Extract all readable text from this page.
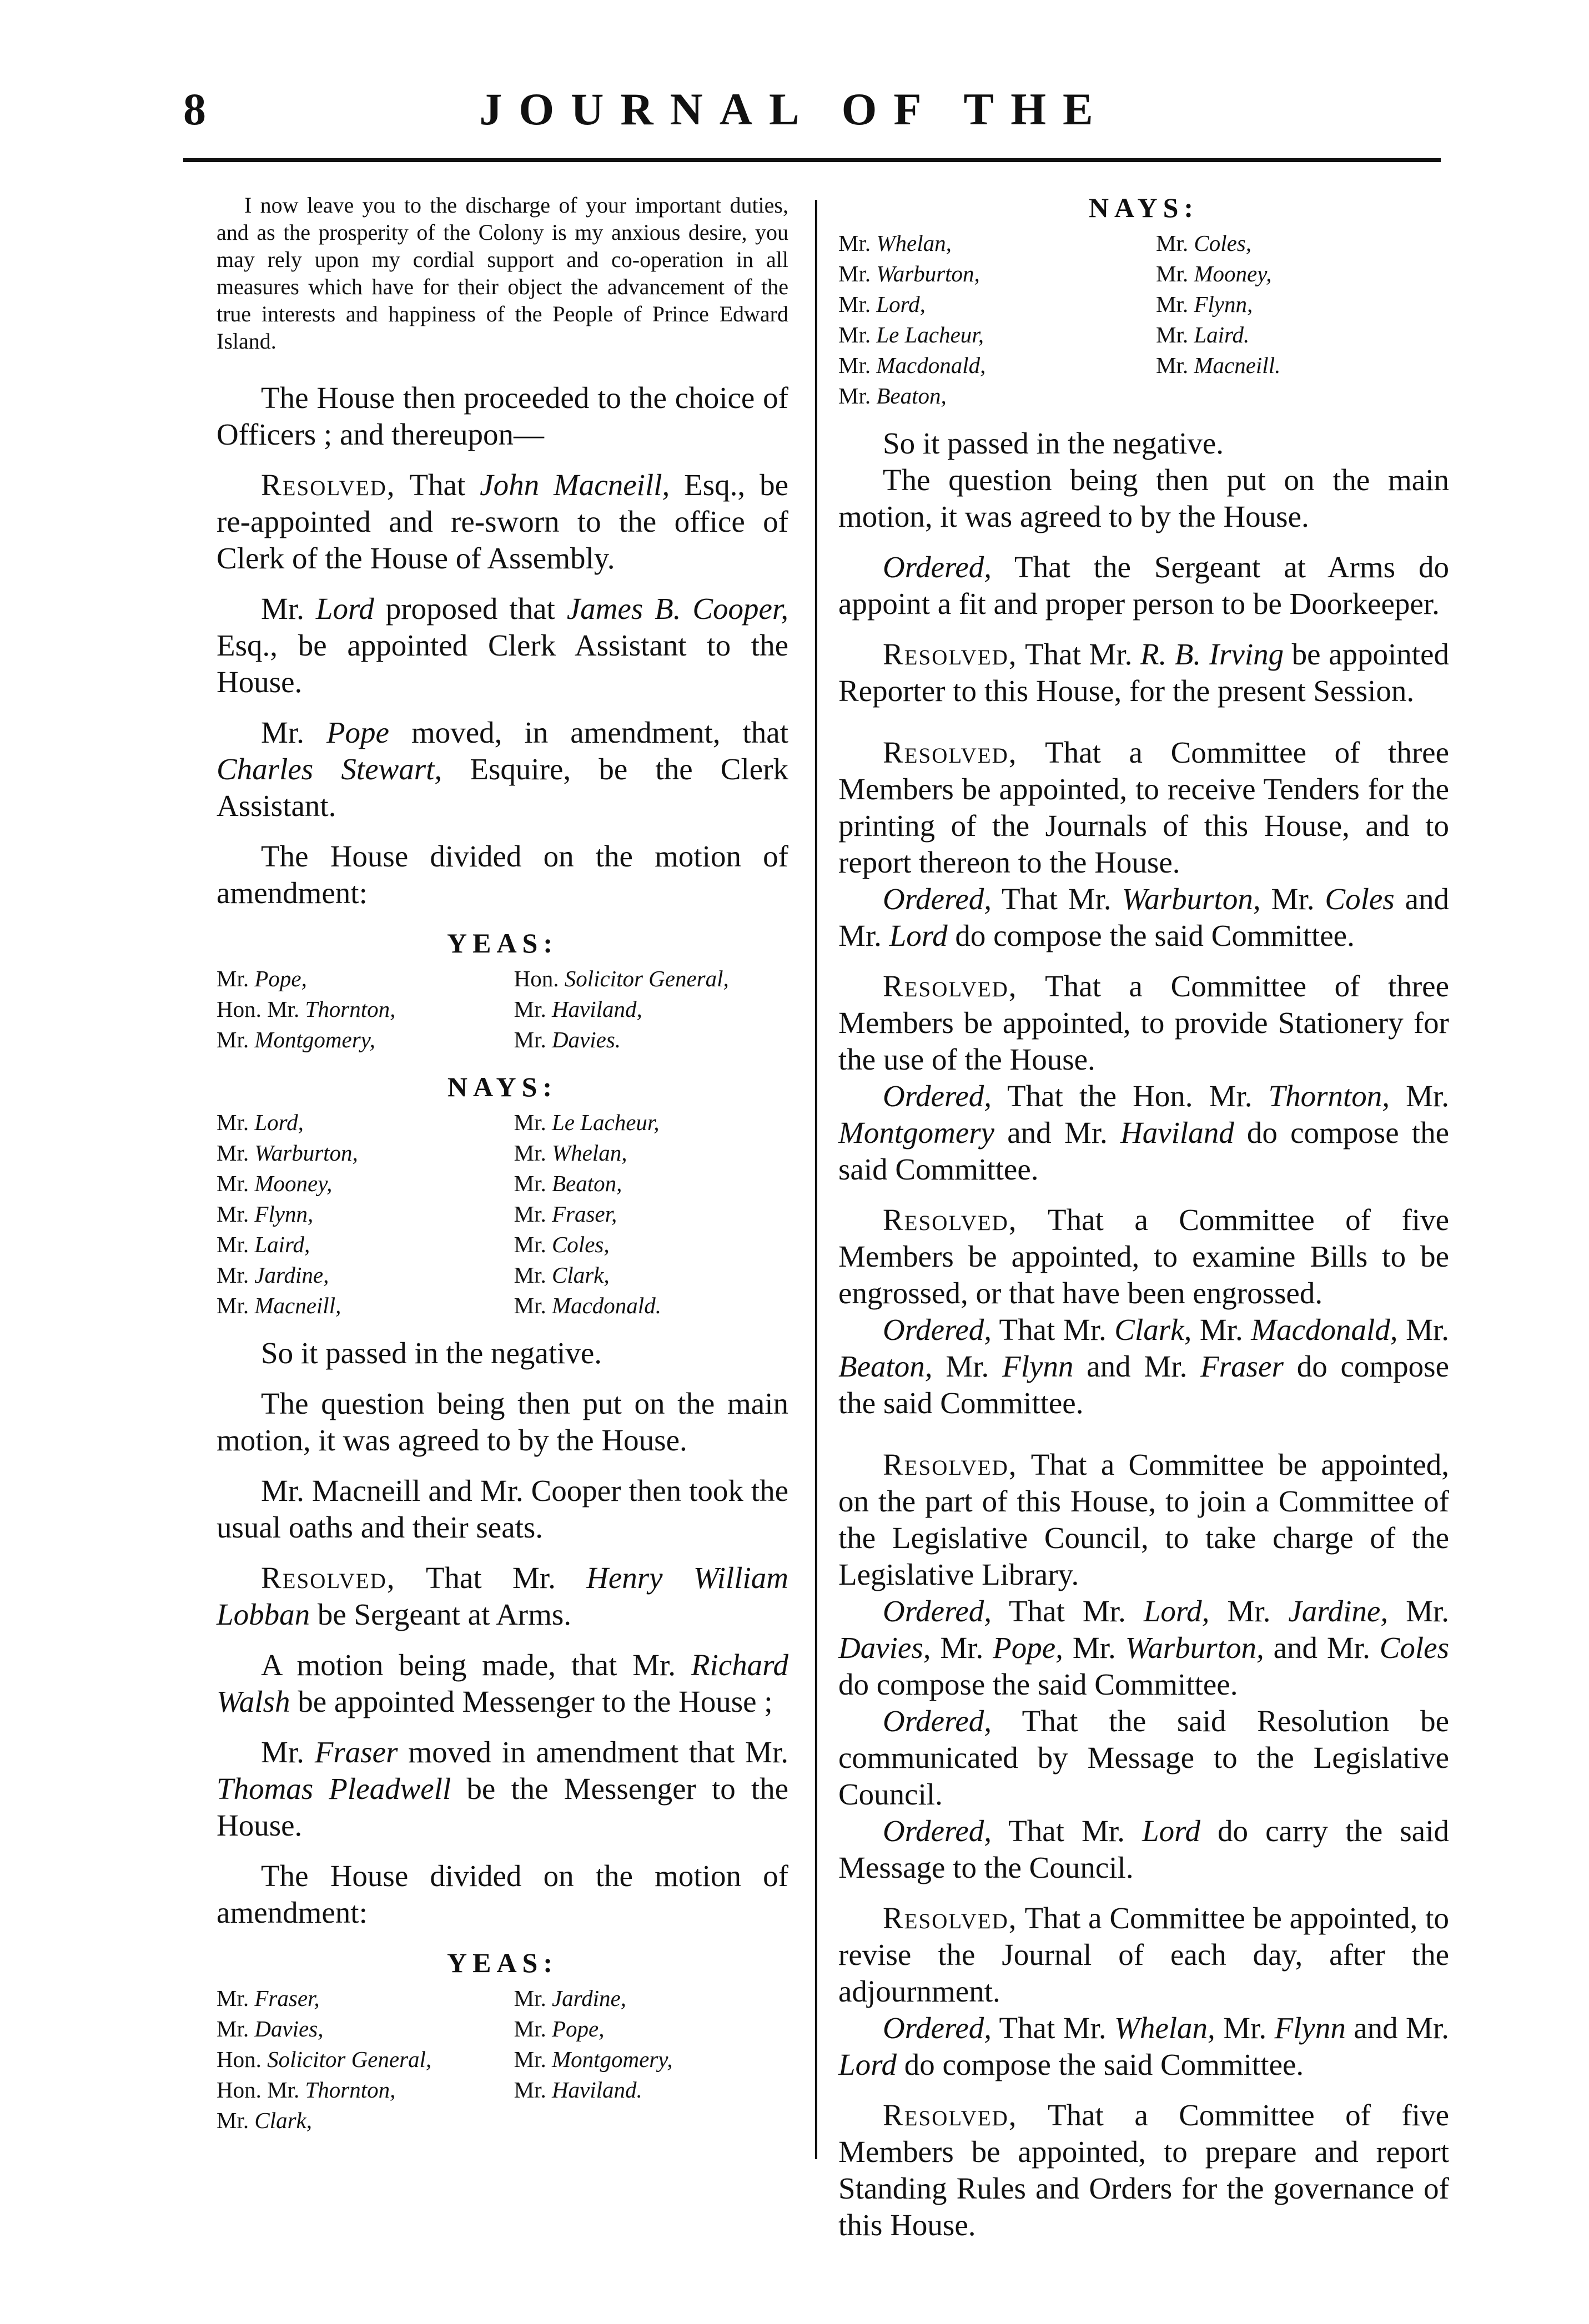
8	JOURNAL OF THE

I now leave you to the discharge of your important duties, and as the prosperity of the Colony is my anxious desire, you may rely upon my cordial support and co-operation in all measures which have for their object the advancement of the true interests and happiness of the People of Prince Edward Island.

The House then proceeded to the choice of Officers ; and thereupon—

Resolved, That John Macneill, Esq., be re-appointed and re-sworn to the office of Clerk of the House of Assembly.

Mr. Lord proposed that James B. Cooper, Esq., be appointed Clerk Assistant to the House.

Mr. Pope moved, in amendment, that Charles Stewart, Esquire, be the Clerk Assistant.

The House divided on the motion of amendment:

YEAS:
Mr. Pope,	Hon. Solicitor General,
Hon. Mr. Thornton,	Mr. Haviland,
Mr. Montgomery,	Mr. Davies.
NAYS:
Mr. Lord,	Mr. Le Lacheur,
Mr. Warburton,	Mr. Whelan,
Mr. Mooney,	Mr. Beaton,
Mr. Flynn,	Mr. Fraser,
Mr. Laird,	Mr. Coles,
Mr. Jardine,	Mr. Clark,
Mr. Macneill,	Mr. Macdonald.

So it passed in the negative.

The question being then put on the main motion, it was agreed to by the House.

Mr. Macneill and Mr. Cooper then took the usual oaths and their seats.

Resolved, That Mr. Henry William Lobban be Sergeant at Arms.

A motion being made, that Mr. Richard Walsh be appointed Messenger to the House ;

Mr. Fraser moved in amendment that Mr. Thomas Pleadwell be the Messenger to the House.

The House divided on the motion of amendment:

YEAS:
Mr. Fraser,	Mr. Jardine,
Mr. Davies,	Mr. Pope,
Hon. Solicitor General,	Mr. Montgomery,
Hon. Mr. Thornton,	Mr. Haviland.
Mr. Clark,	
NAYS:
Mr. Whelan,	Mr. Coles,
Mr. Warburton,	Mr. Mooney,
Mr. Lord,	Mr. Flynn,
Mr. Le Lacheur,	Mr. Laird.
Mr. Macdonald,	Mr. Macneill.
Mr. Beaton,	

So it passed in the negative.

The question being then put on the main motion, it was agreed to by the House.

Ordered, That the Sergeant at Arms do appoint a fit and proper person to be Doorkeeper.

Resolved, That Mr. R. B. Irving be appointed Reporter to this House, for the present Session.

Resolved, That a Committee of three Members be appointed, to receive Tenders for the printing of the Journals of this House, and to report thereon to the House.

Ordered, That Mr. Warburton, Mr. Coles and Mr. Lord do compose the said Committee.

Resolved, That a Committee of three Members be appointed, to provide Stationery for the use of the House.

Ordered, That the Hon. Mr. Thornton, Mr. Montgomery and Mr. Haviland do compose the said Committee.

Resolved, That a Committee of five Members be appointed, to examine Bills to be engrossed, or that have been engrossed.

Ordered, That Mr. Clark, Mr. Macdonald, Mr. Beaton, Mr. Flynn and Mr. Fraser do compose the said Committee.

Resolved, That a Committee be appointed, on the part of this House, to join a Committee of the Legislative Council, to take charge of the Legislative Library.

Ordered, That Mr. Lord, Mr. Jardine, Mr. Davies, Mr. Pope, Mr. Warburton, and Mr. Coles do compose the said Committee.

Ordered, That the said Resolution be communicated by Message to the Legislative Council.

Ordered, That Mr. Lord do carry the said Message to the Council.

Resolved, That a Committee be appointed, to revise the Journal of each day, after the adjournment.

Ordered, That Mr. Whelan, Mr. Flynn and Mr. Lord do compose the said Committee.

Resolved, That a Committee of five Members be appointed, to prepare and report Standing Rules and Orders for the governance of this House.
